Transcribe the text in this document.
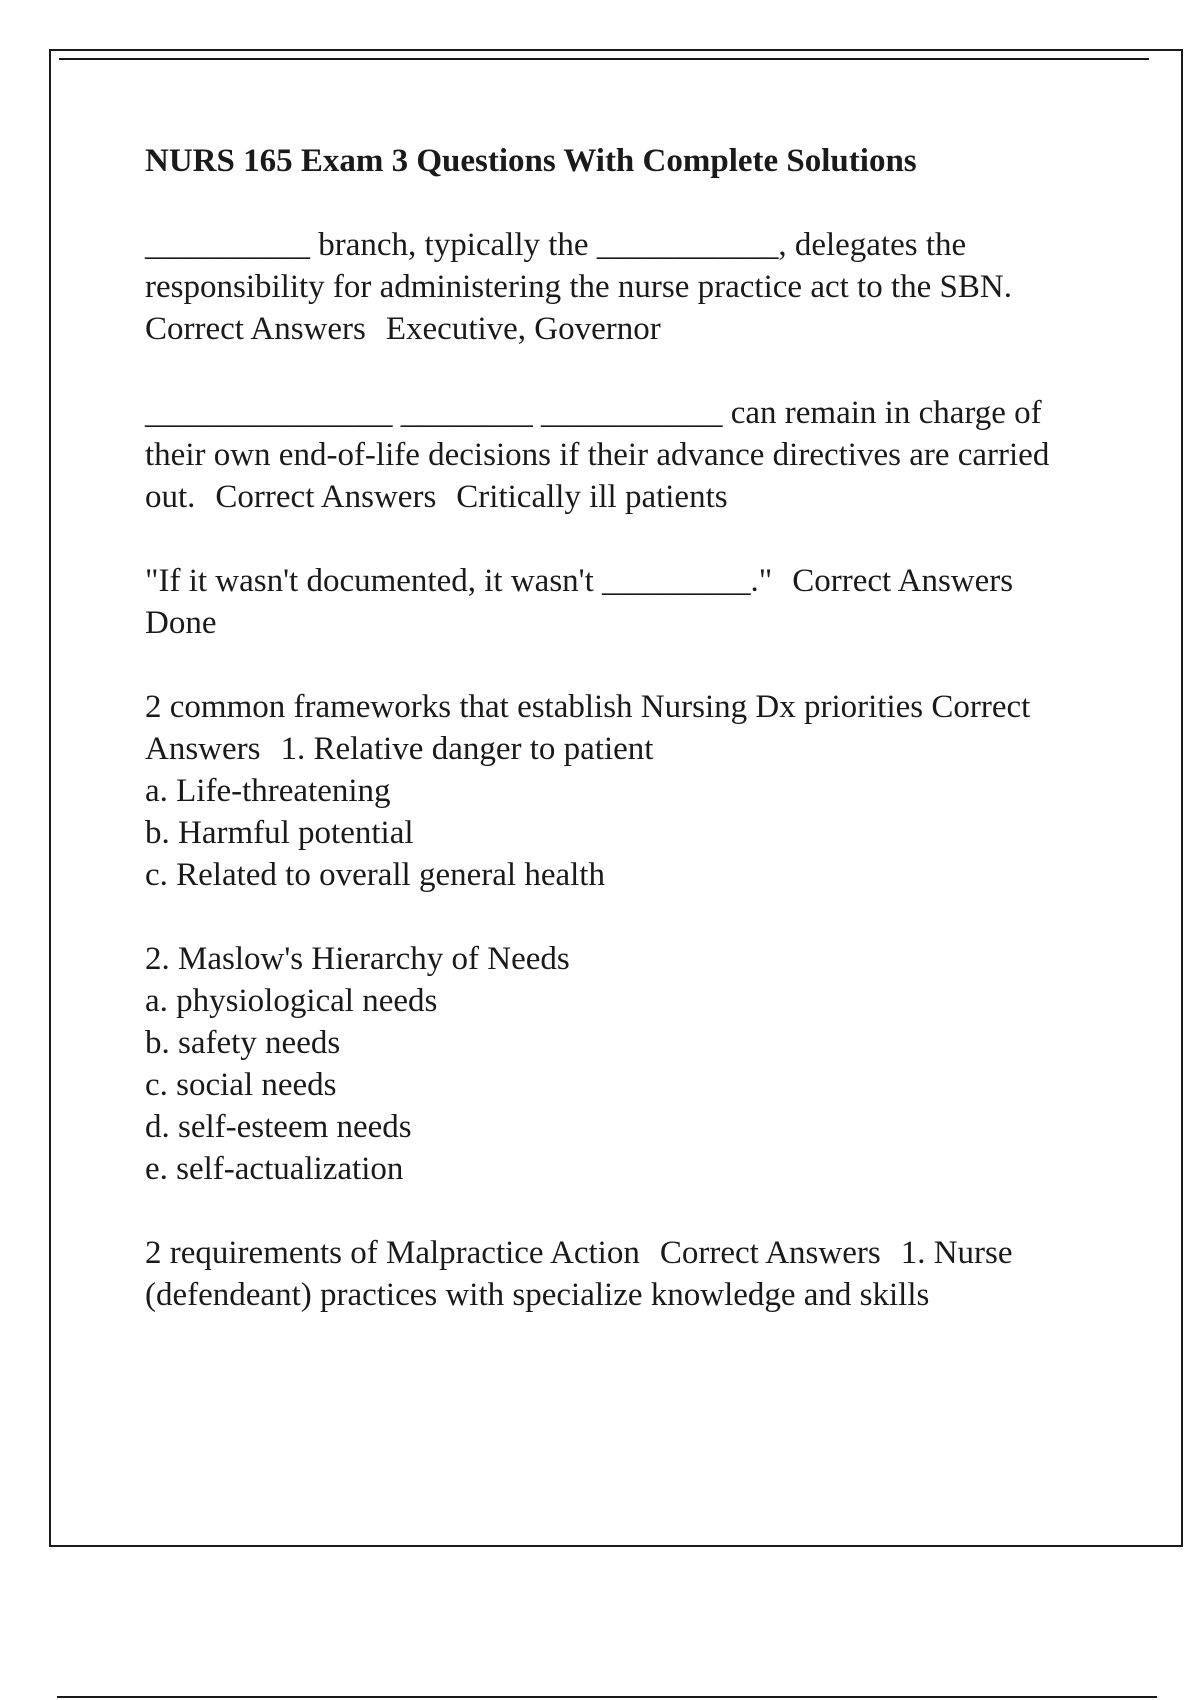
NURS 165 Exam 3 Questions With Complete Solutions

__________ branch, typically the ___________, delegates the responsibility for administering the nurse practice act to the SBN.Correct Answers Executive, Governor

_______________ ________ ___________ can remain in charge of their own end-of-life decisions if their advance directives are carried out. Correct Answers Critically ill patients

"If it wasn't documented, it wasn't _________." Correct AnswersDone

2 common frameworks that establish Nursing Dx priorities Correct Answers 1. Relative danger to patient

a. Life-threatening
b. Harmful potential
c. Related to overall general health
2. Maslow's Hierarchy of Needs
a. physiological needs
b. safety needs
c. social needs
d. self-esteem needs
e. self-actualization

2 requirements of Malpractice Action Correct Answers 1. Nurse (defendeant) practices with specialize knowledge and skills
